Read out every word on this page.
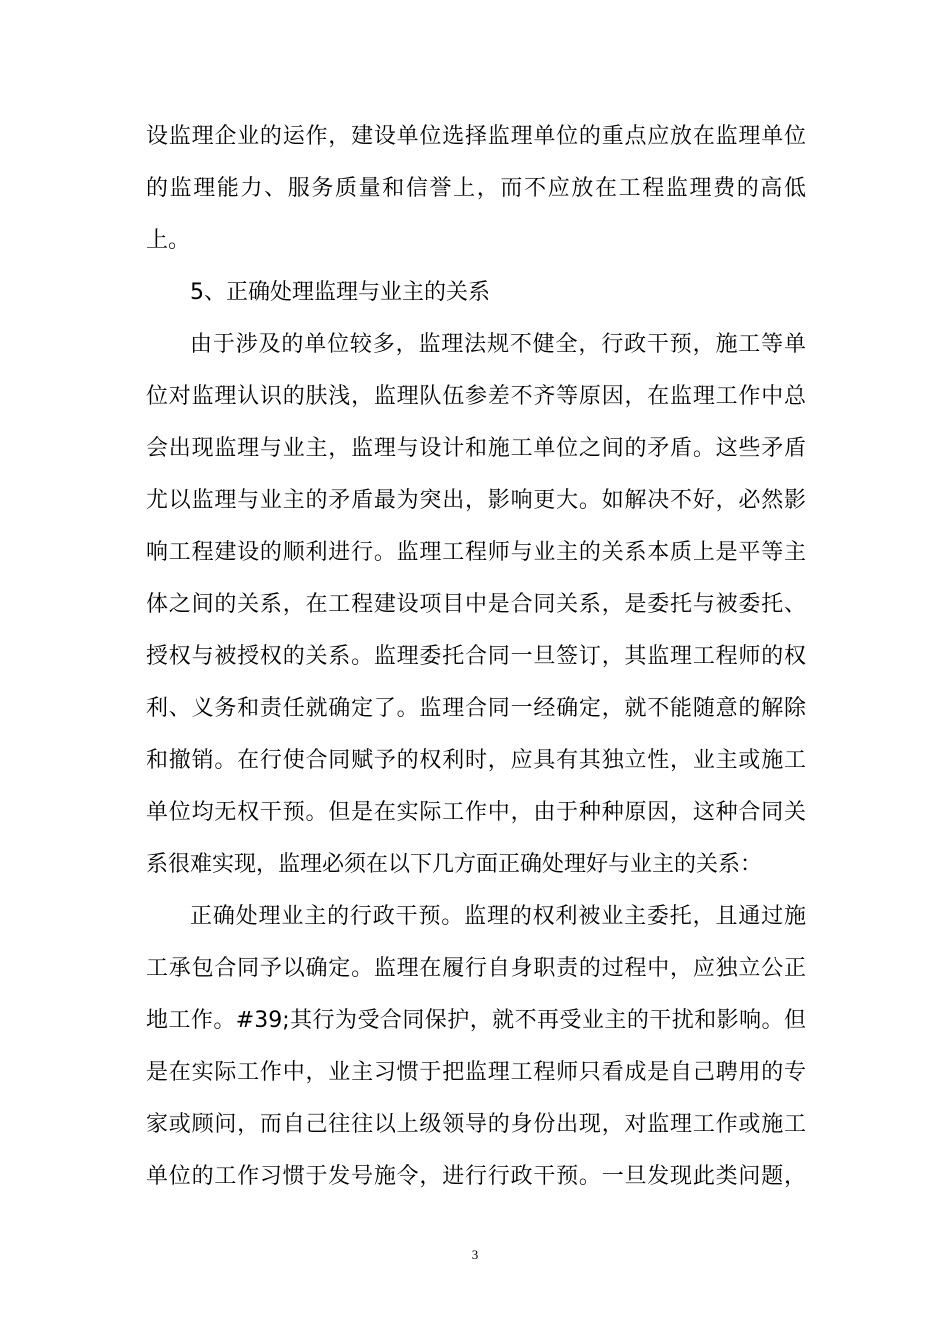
设监理企业的运作，建设单位选择监理单位的重点应放在监理单位
的监理能力、服务质量和信誉上，而不应放在工程监理费的高低
上。
5、正确处理监理与业主的关系
由于涉及的单位较多，监理法规不健全，行政干预，施工等单
位对监理认识的肤浅，监理队伍参差不齐等原因，在监理工作中总
会出现监理与业主，监理与设计和施工单位之间的矛盾。这些矛盾
尤以监理与业主的矛盾最为突出，影响更大。如解决不好，必然影
响工程建设的顺利进行。监理工程师与业主的关系本质上是平等主
体之间的关系，在工程建设项目中是合同关系，是委托与被委托、
授权与被授权的关系。监理委托合同一旦签订，其监理工程师的权
利、义务和责任就确定了。监理合同一经确定，就不能随意的解除
和撤销。在行使合同赋予的权利时，应具有其独立性，业主或施工
单位均无权干预。但是在实际工作中，由于种种原因，这种合同关
系很难实现，监理必须在以下几方面正确处理好与业主的关系：
正确处理业主的行政干预。监理的权利被业主委托，且通过施
工承包合同予以确定。监理在履行自身职责的过程中，应独立公正
地工作。#39;其行为受合同保护，就不再受业主的干扰和影响。但
是在实际工作中，业主习惯于把监理工程师只看成是自己聘用的专
家或顾问，而自己往往以上级领导的身份出现，对监理工作或施工
单位的工作习惯于发号施令，进行行政干预。一旦发现此类问题，
3
